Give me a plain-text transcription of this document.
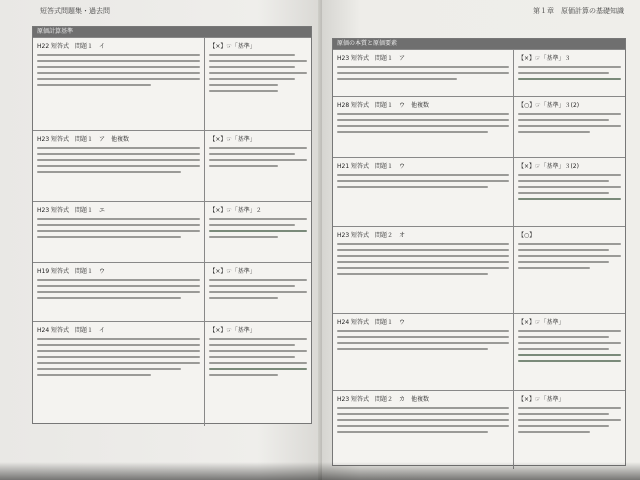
短答式問題集・過去問
原価計算基準
H22 短答式　問題１　イ	【×】☞「基準」
H23 短答式　問題１　ア　他複数	【×】☞「基準」
H23 短答式　問題１　エ	【×】☞「基準」２
H19 短答式　問題１　ウ	【×】☞「基準」
H24 短答式　問題１　イ	【×】☞「基準」
第１章　原価計算の基礎知識
原価の本質と原価要素
H23 短答式　問題１　ア	【×】☞「基準」３
H28 短答式　問題１　ウ　他複数	【○】☞「基準」３(2)
H21 短答式　問題１　ウ	【×】☞「基準」３(2)
H23 短答式　問題２　オ	【○】
H24 短答式　問題１　ウ	【×】☞「基準」
H23 短答式　問題２　カ　他複数	【×】☞「基準」
